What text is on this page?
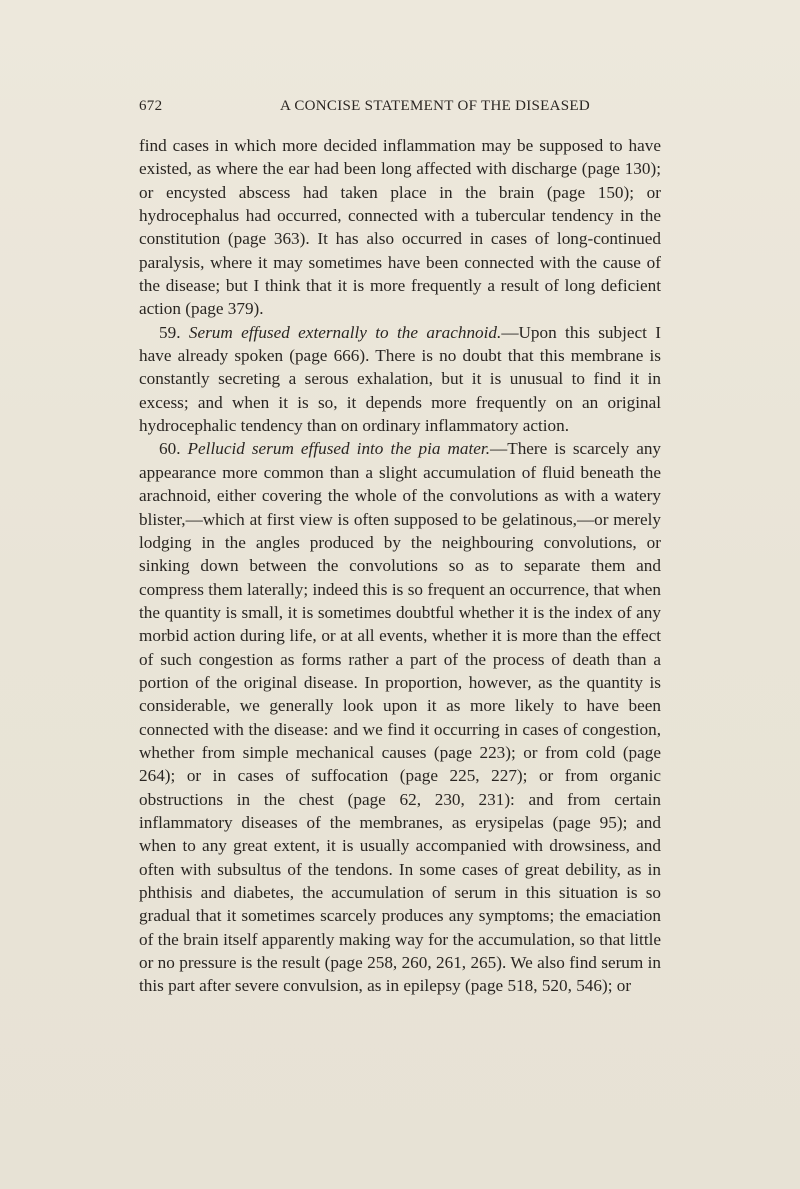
672	A CONCISE STATEMENT OF THE DISEASED

find cases in which more decided inflammation may be supposed to have existed, as where the ear had been long affected with discharge (page 130); or encysted abscess had taken place in the brain (page 150); or hydrocephalus had occurred, connected with a tubercular tendency in the constitution (page 363). It has also occurred in cases of long-continued paralysis, where it may sometimes have been connected with the cause of the disease; but I think that it is more frequently a result of long deficient action (page 379).

59. Serum effused externally to the arachnoid.—Upon this subject I have already spoken (page 666). There is no doubt that this membrane is constantly secreting a serous exhalation, but it is unusual to find it in excess; and when it is so, it depends more frequently on an original hydrocephalic tendency than on ordinary inflammatory action.

60. Pellucid serum effused into the pia mater.—There is scarcely any appearance more common than a slight accumulation of fluid beneath the arachnoid, either covering the whole of the convolutions as with a watery blister,—which at first view is often supposed to be gelatinous,—or merely lodging in the angles produced by the neighbouring convolutions, or sinking down between the convolutions so as to separate them and compress them laterally; indeed this is so frequent an occurrence, that when the quantity is small, it is sometimes doubtful whether it is the index of any morbid action during life, or at all events, whether it is more than the effect of such congestion as forms rather a part of the process of death than a portion of the original disease. In proportion, however, as the quantity is considerable, we generally look upon it as more likely to have been connected with the disease: and we find it occurring in cases of congestion, whether from simple mechanical causes (page 223); or from cold (page 264); or in cases of suffocation (page 225, 227); or from organic obstructions in the chest (page 62, 230, 231): and from certain inflammatory diseases of the membranes, as erysipelas (page 95); and when to any great extent, it is usually accompanied with drowsiness, and often with subsultus of the tendons. In some cases of great debility, as in phthisis and diabetes, the accumulation of serum in this situation is so gradual that it sometimes scarcely produces any symptoms; the emaciation of the brain itself apparently making way for the accumulation, so that little or no pressure is the result (page 258, 260, 261, 265). We also find serum in this part after severe convulsion, as in epilepsy (page 518, 520, 546); or
